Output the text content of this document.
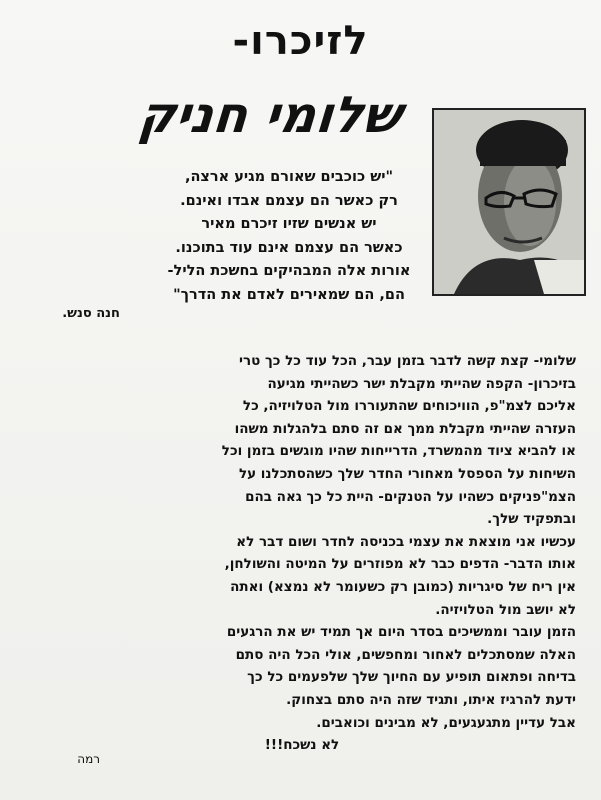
לזיכרו-
שלומי חניק
"יש כוכבים שאורם מגיע ארצה,
רק כאשר הם עצמם אבדו ואינם.
יש אנשים שזיו זיכרם מאיר
כאשר הם עצמם אינם עוד בתוכנו.
אורות אלה המבהיקים בחשכת הליל-
הם, הם שמאירים לאדם את הדרך"
חנה סנש.
שלומי- קצת קשה לדבר בזמן עבר, הכל עוד כל כך טרי
בזיכרון- הקפה שהייתי מקבלת ישר כשהייתי מגיעה
אליכם לצמ"פ, הוויכוחים שהתעוררו מול הטלויזיה, כל
העזרה שהייתי מקבלת ממך אם זה סתם בלהגלות משהו
או להביא ציוד מהמשרד, הדרייחות שהיו מוגשים בזמן וכל
השיחות על הספסל מאחורי החדר שלך כשהסתכלנו על
הצמ"פניקים כשהיו על הטנקים- היית כל כך גאה בהם
ובתפקיד שלך.
עכשיו אני מוצאת את עצמי בכניסה לחדר ושום דבר לא
אותו הדבר- הדפים כבר לא מפוזרים על המיטה והשולחן,
אין ריח של סיגריות (כמובן רק כשעומר לא נמצא) ואתה
לא יושב מול הטלויזיה.
הזמן עובר וממשיכים בסדר היום אך תמיד יש את הרגעים
האלה שמסתכלים לאחור ומחפשים, אולי הכל היה סתם
בדיחה ופתאום תופיע עם החיוך שלך שלפעמים כל כך
ידעת להרגיז איתו, ותגיד שזה היה סתם בצחוק.
אבל עדיין מתגעגעים, לא מבינים וכואבים.
לא נשכח!!!
רמה
